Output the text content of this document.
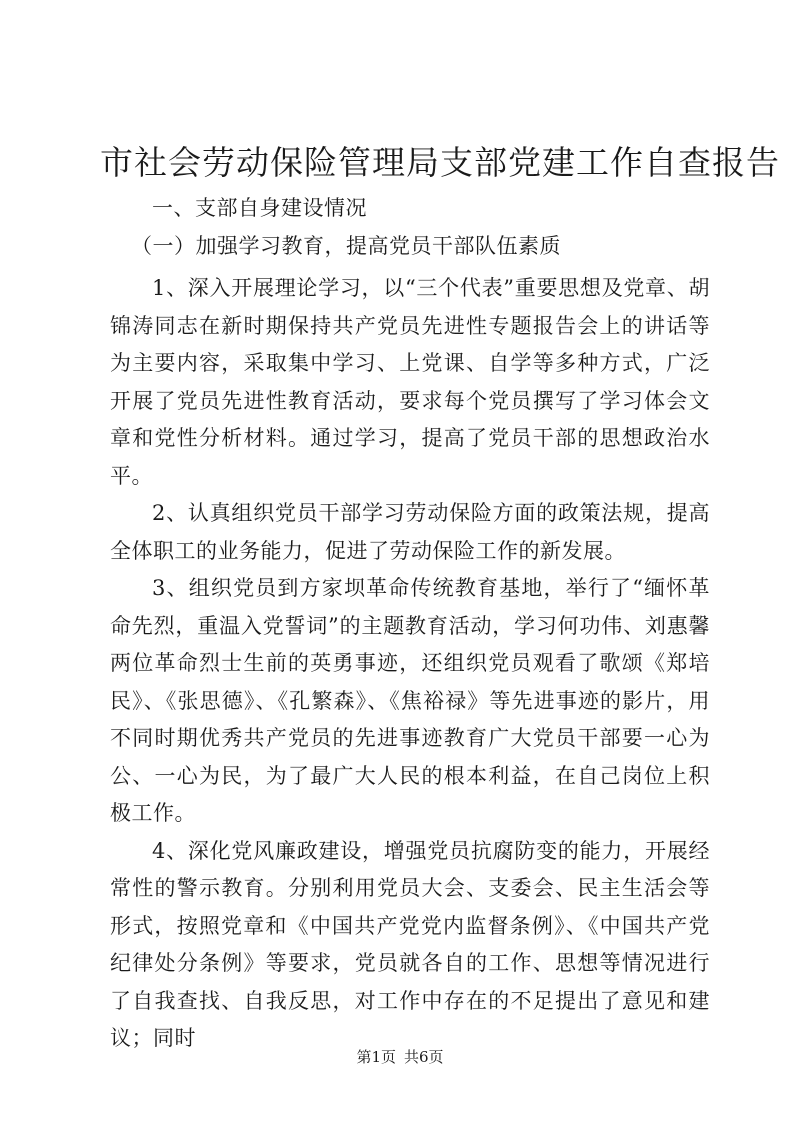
市社会劳动保险管理局支部党建工作自查报告

一、支部自身建设情况

（一）加强学习教育，提高党员干部队伍素质

1、深入开展理论学习，以“三个代表”重要思想及党章、胡锦涛同志在新时期保持共产党员先进性专题报告会上的讲话等为主要内容，采取集中学习、上党课、自学等多种方式，广泛开展了党员先进性教育活动，要求每个党员撰写了学习体会文章和党性分析材料。通过学习，提高了党员干部的思想政治水平。

2、认真组织党员干部学习劳动保险方面的政策法规，提高全体职工的业务能力，促进了劳动保险工作的新发展。

3、组织党员到方家坝革命传统教育基地，举行了“缅怀革命先烈，重温入党誓词”的主题教育活动，学习何功伟、刘惠馨两位革命烈士生前的英勇事迹，还组织党员观看了歌颂《郑培民》、《张思德》、《孔繁森》、《焦裕禄》等先进事迹的影片，用不同时期优秀共产党员的先进事迹教育广大党员干部要一心为公、一心为民，为了最广大人民的根本利益，在自己岗位上积极工作。

4、深化党风廉政建设，增强党员抗腐防变的能力，开展经常性的警示教育。分别利用党员大会、支委会、民主生活会等形式，按照党章和《中国共产党党内监督条例》、《中国共产党纪律处分条例》等要求，党员就各自的工作、思想等情况进行了自我查找、自我反思，对工作中存在的不足提出了意见和建议；同时

第1页 共6页
